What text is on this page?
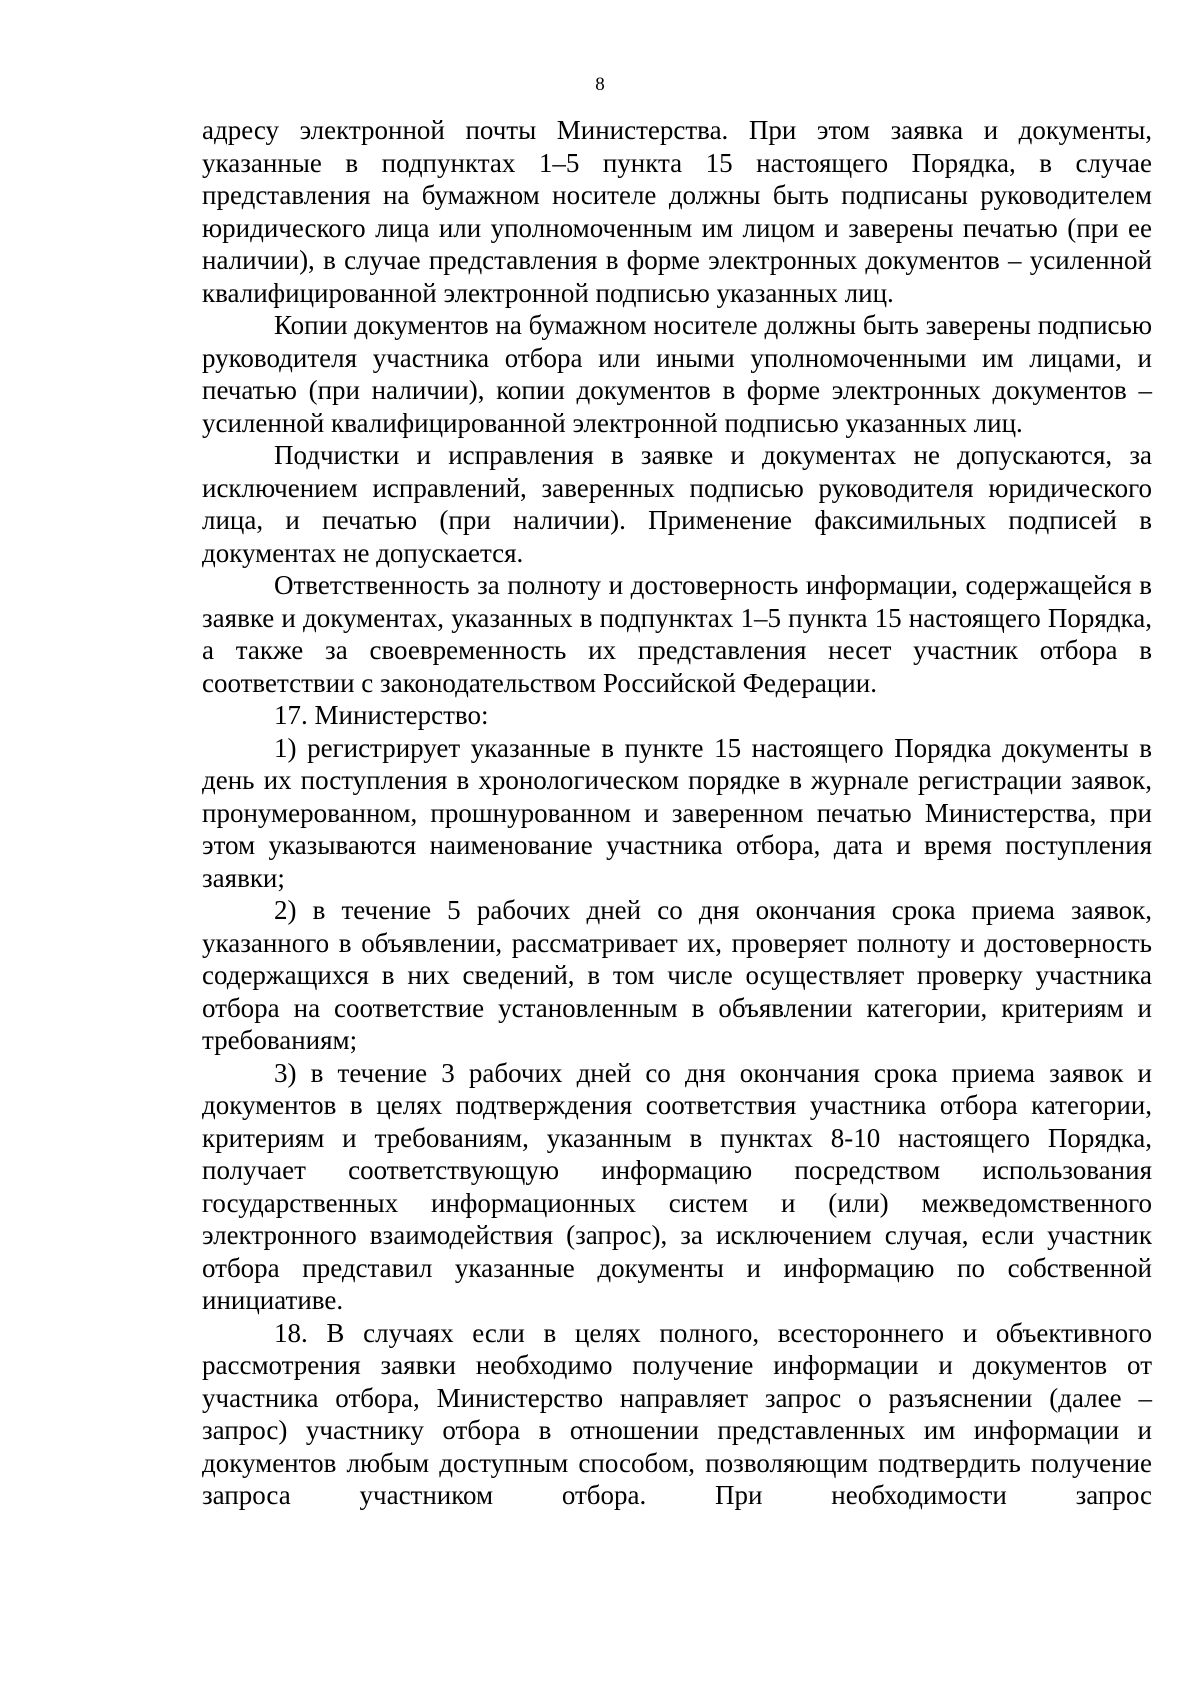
8

адресу электронной почты Министерства. При этом заявка и документы, указанные в подпунктах 1–5 пункта 15 настоящего Порядка, в случае представления на бумажном носителе должны быть подписаны руководителем юридического лица или уполномоченным им лицом и заверены печатью (при ее наличии), в случае представления в форме электронных документов – усиленной квалифицированной электронной подписью указанных лиц.

Копии документов на бумажном носителе должны быть заверены подписью руководителя участника отбора или иными уполномоченными им лицами, и печатью (при наличии), копии документов в форме электронных документов – усиленной квалифицированной электронной подписью указанных лиц.

Подчистки и исправления в заявке и документах не допускаются, за исключением исправлений, заверенных подписью руководителя юридического лица, и печатью (при наличии). Применение факсимильных подписей в документах не допускается.

Ответственность за полноту и достоверность информации, содержащейся в заявке и документах, указанных в подпунктах 1–5 пункта 15 настоящего Порядка, а также за своевременность их представления несет участник отбора в соответствии с законодательством Российской Федерации.

17. Министерство:

1) регистрирует указанные в пункте 15 настоящего Порядка документы в день их поступления в хронологическом порядке в журнале регистрации заявок, пронумерованном, прошнурованном и заверенном печатью Министерства, при этом указываются наименование участника отбора, дата и время поступления заявки;

2) в течение 5 рабочих дней со дня окончания срока приема заявок, указанного в объявлении, рассматривает их, проверяет полноту и достоверность содержащихся в них сведений, в том числе осуществляет проверку участника отбора на соответствие установленным в объявлении категории, критериям и требованиям;

3) в течение 3 рабочих дней со дня окончания срока приема заявок и документов в целях подтверждения соответствия участника отбора категории, критериям и требованиям, указанным в пунктах 8-10 настоящего Порядка, получает соответствующую информацию посредством использования государственных информационных систем и (или) межведомственного электронного взаимодействия (запрос), за исключением случая, если участник отбора представил указанные документы и информацию по собственной инициативе.

18. В случаях если в целях полного, всестороннего и объективного рассмотрения заявки необходимо получение информации и документов от участника отбора, Министерство направляет запрос о разъяснении (далее – запрос) участнику отбора в отношении представленных им информации и документов любым доступным способом, позволяющим подтвердить получение запроса участником отбора. При необходимости запрос
